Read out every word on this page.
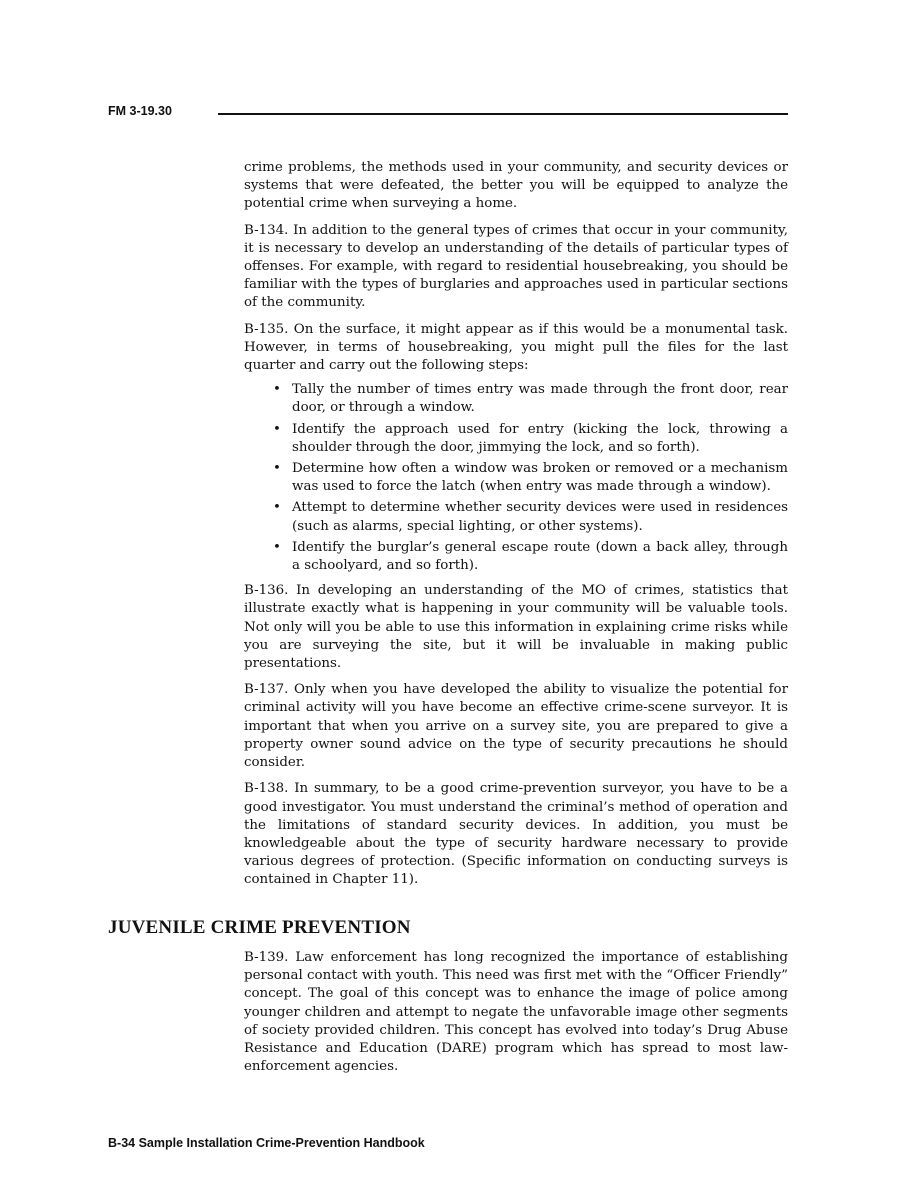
FM 3-19.30

crime problems, the methods used in your community, and security devices or systems that were defeated, the better you will be equipped to analyze the potential crime when surveying a home.

B-134. In addition to the general types of crimes that occur in your community, it is necessary to develop an understanding of the details of particular types of offenses. For example, with regard to residential housebreaking, you should be familiar with the types of burglaries and approaches used in particular sections of the community.

B-135. On the surface, it might appear as if this would be a monumental task. However, in terms of housebreaking, you might pull the files for the last quarter and carry out the following steps:

• Tally the number of times entry was made through the front door, rear door, or through a window.
• Identify the approach used for entry (kicking the lock, throwing a shoulder through the door, jimmying the lock, and so forth).
• Determine how often a window was broken or removed or a mechanism was used to force the latch (when entry was made through a window).
• Attempt to determine whether security devices were used in residences (such as alarms, special lighting, or other systems).
• Identify the burglar’s general escape route (down a back alley, through a schoolyard, and so forth).

B-136. In developing an understanding of the MO of crimes, statistics that illustrate exactly what is happening in your community will be valuable tools. Not only will you be able to use this information in explaining crime risks while you are surveying the site, but it will be invaluable in making public presentations.

B-137. Only when you have developed the ability to visualize the potential for criminal activity will you have become an effective crime-scene surveyor. It is important that when you arrive on a survey site, you are prepared to give a property owner sound advice on the type of security precautions he should consider.

B-138. In summary, to be a good crime-prevention surveyor, you have to be a good investigator. You must understand the criminal’s method of operation and the limitations of standard security devices. In addition, you must be knowledgeable about the type of security hardware necessary to provide various degrees of protection. (Specific information on conducting surveys is contained in Chapter 11).

JUVENILE CRIME PREVENTION

B-139. Law enforcement has long recognized the importance of establishing personal contact with youth. This need was first met with the “Officer Friendly” concept. The goal of this concept was to enhance the image of police among younger children and attempt to negate the unfavorable image other segments of society provided children. This concept has evolved into today’s Drug Abuse Resistance and Education (DARE) program which has spread to most law-enforcement agencies.

B-34 Sample Installation Crime-Prevention Handbook
